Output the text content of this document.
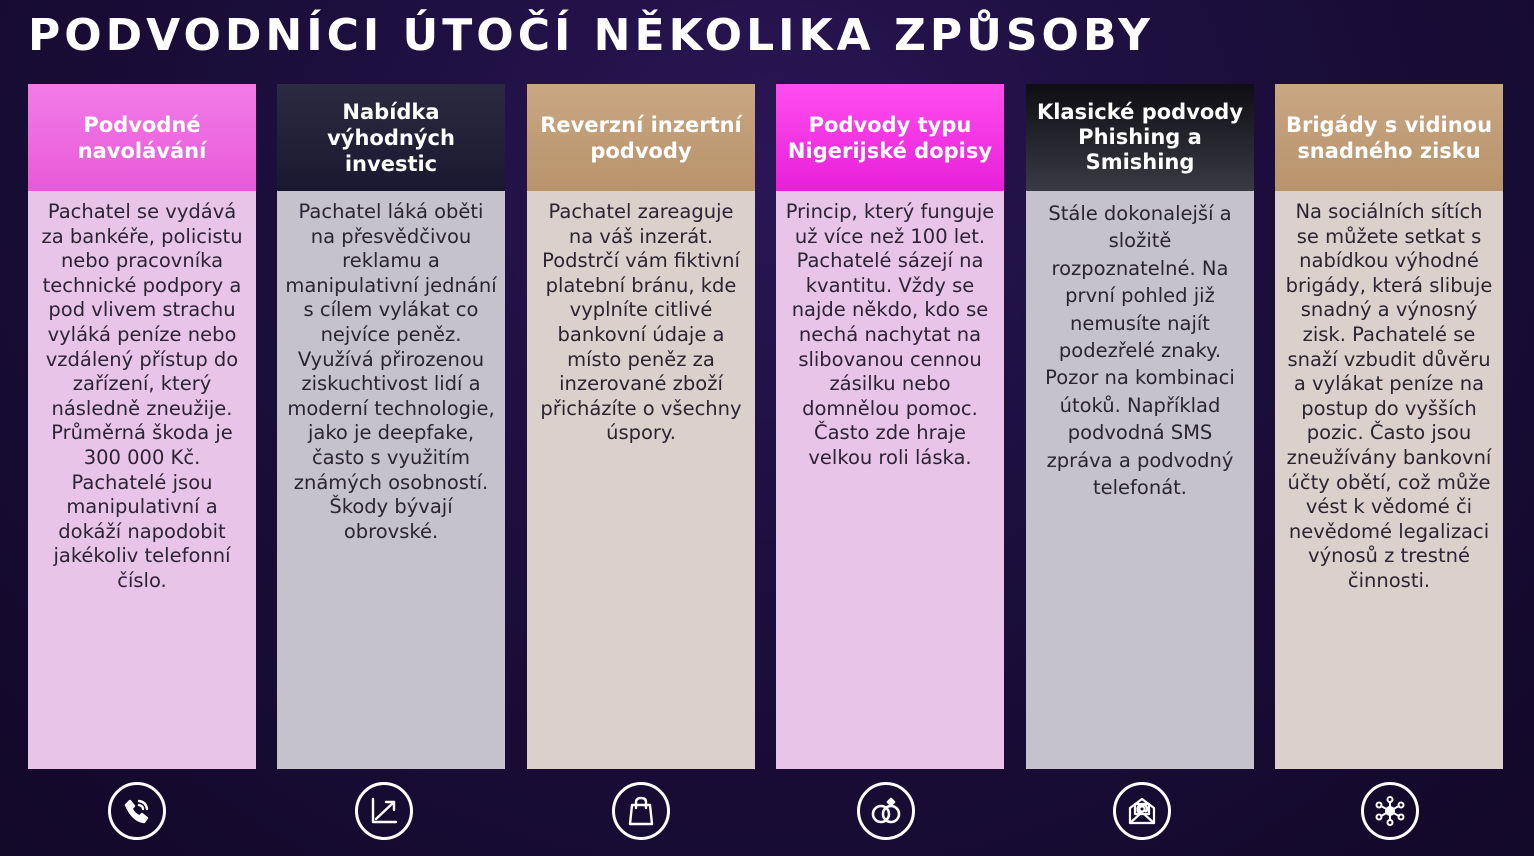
PODVODNÍCI ÚTOČÍ NĚKOLIKA ZPŮSOBY
Podvodné navolávání
Pachatel se vydává za bankéře, policistu nebo pracovníka technické podpory a pod vlivem strachu vyláká peníze nebo vzdálený přístup do zařízení, který následně zneužije. Průměrná škoda je 300 000 Kč. Pachatelé jsou manipulativní a dokáží napodobit jakékoliv telefonní číslo.
Nabídka výhodných investic
Pachatel láká oběti na přesvědčivou reklamu a manipulativní jednání s cílem vylákat co nejvíce peněz. Využívá přirozenou ziskuchtivost lidí a moderní technologie, jako je deepfake, často s využitím známých osobností. Škody bývají obrovské.
Reverzní inzertní podvody
Pachatel zareaguje na váš inzerát. Podstrčí vám fiktivní platební bránu, kde vyplníte citlivé bankovní údaje a místo peněz za inzerované zboží přicházíte o všechny úspory.
Podvody typu Nigerijské dopisy
Princip, který funguje už více než 100 let. Pachatelé sázejí na kvantitu. Vždy se najde někdo, kdo se nechá nachytat na slibovanou cennou zásilku nebo domnělou pomoc. Často zde hraje velkou roli láska.
Klasické podvody Phishing a Smishing
Stále dokonalejší a složitě rozpoznatelné. Na první pohled již nemusíte najít podezřelé znaky. Pozor na kombinaci útoků. Například podvodná SMS zpráva a podvodný telefonát.
Brigády s vidinou snadného zisku
Na sociálních sítích se můžete setkat s nabídkou výhodné brigády, která slibuje snadný a výnosný zisk. Pachatelé se snaží vzbudit důvěru a vylákat peníze na postup do vyšších pozic. Často jsou zneužívány bankovní účty obětí, což může vést k vědomé či nevědomé legalizaci výnosů z trestné činnosti.
